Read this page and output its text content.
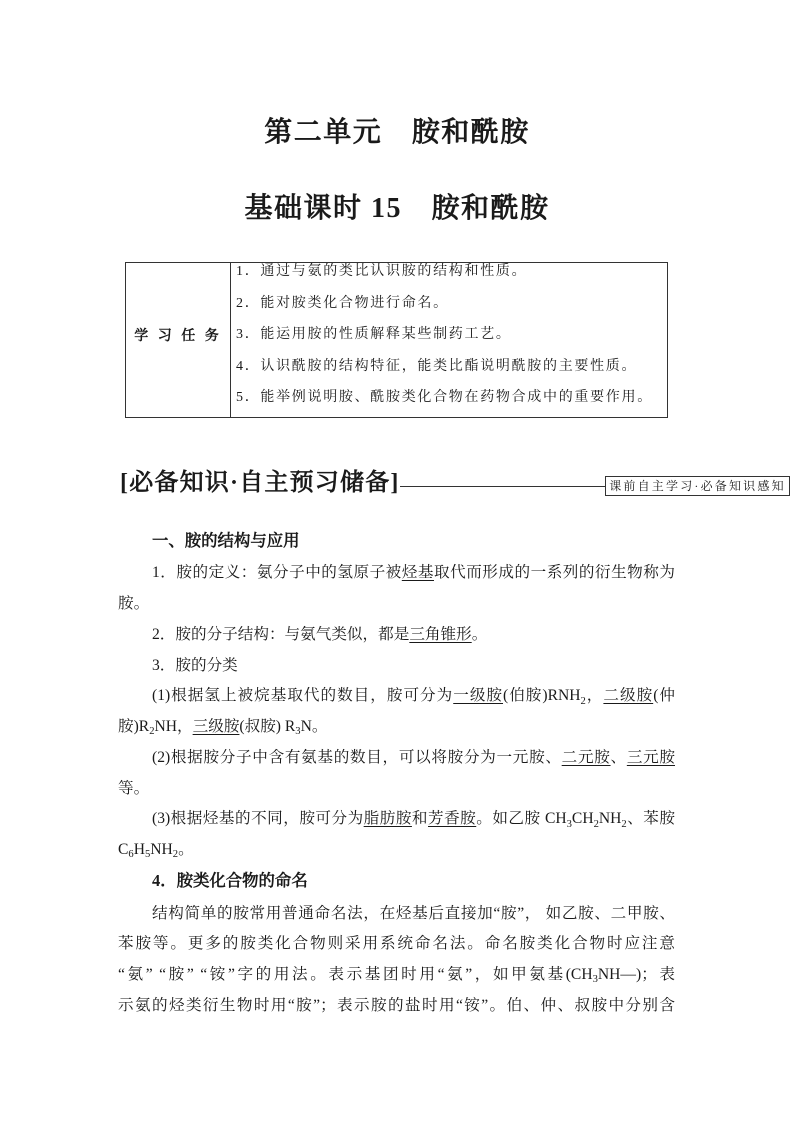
第二单元　胺和酰胺
基础课时 15　胺和酰胺
学 习 任 务
1．通过与氨的类比认识胺的结构和性质。
2．能对胺类化合物进行命名。
3．能运用胺的性质解释某些制药工艺。
4．认识酰胺的结构特征，能类比酯说明酰胺的主要性质。
5．能举例说明胺、酰胺类化合物在药物合成中的重要作用。
[必备知识·自主预习储备]	课前自主学习·必备知识感知
一、胺的结构与应用
1．胺的定义：氨分子中的氢原子被烃基取代而形成的一系列的衍生物称为
胺。
2．胺的分子结构：与氨气类似，都是三角锥形。
3．胺的分类
(1)根据氢上被烷基取代的数目，胺可分为一级胺(伯胺)$RNH_2$，二级胺(仲
胺)$R_2NH$，三级胺(叔胺) $R_3N$。
(2)根据胺分子中含有氨基的数目，可以将胺分为一元胺、二元胺、三元胺
等。
(3)根据烃基的不同，胺可分为脂肪胺和芳香胺。如乙胺 $CH_3CH_2NH_2$、苯胺
$C_6H_5NH_2$。
4．胺类化合物的命名
结构简单的胺常用普通命名法，在烃基后直接加“胺”， 如乙胺、二甲胺、
苯胺等。更多的胺类化合物则采用系统命名法。命名胺类化合物时应注意
“氨” “胺” “铵”字的用法。表示基团时用“氨”，如甲氨基$(CH_3NH—)$；表
示氨的烃类衍生物时用“胺”；表示胺的盐时用“铵”。伯、仲、叔胺中分别含
